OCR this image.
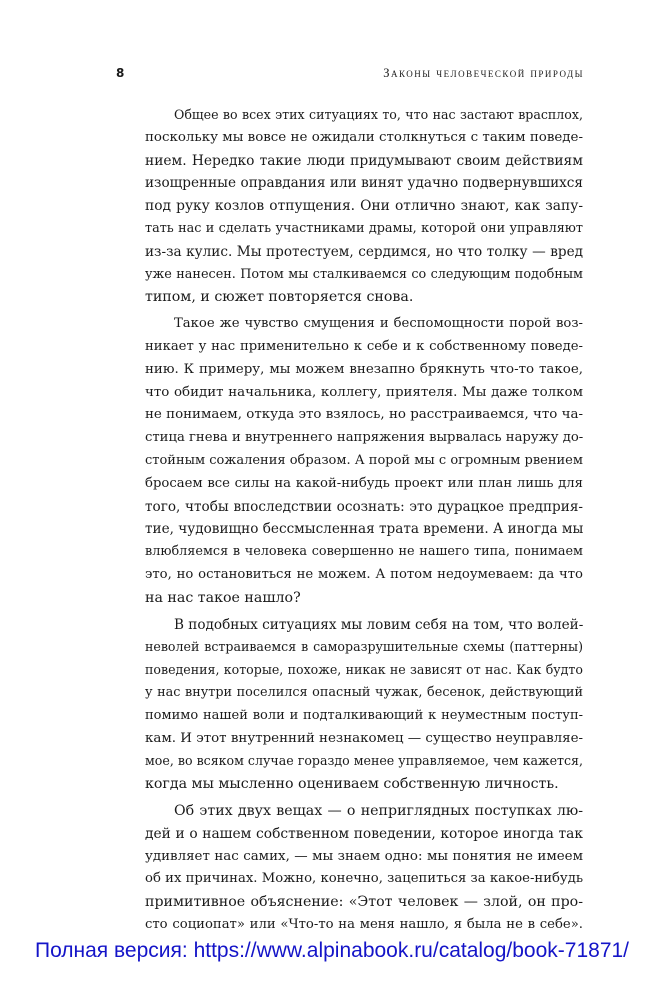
8	Законы человеческой природы

Общее во всех этих ситуациях то, что нас застают врасплох,
поскольку мы вовсе не ожидали столкнуться с таким поведе-
нием. Нередко такие люди придумывают своим действиям
изощренные оправдания или винят удачно подвернувшихся
под руку козлов отпущения. Они отлично знают, как запу-
тать нас и сделать участниками драмы, которой они управляют
из-за кулис. Мы протестуем, сердимся, но что толку — вред
уже нанесен. Потом мы сталкиваемся со следующим подобным
типом, и сюжет повторяется снова.

Такое же чувство смущения и беспомощности порой воз-
никает у нас применительно к себе и к собственному поведе-
нию. К примеру, мы можем внезапно брякнуть что-то такое,
что обидит начальника, коллегу, приятеля. Мы даже толком
не понимаем, откуда это взялось, но расстраиваемся, что ча-
стица гнева и внутреннего напряжения вырвалась наружу до-
стойным сожаления образом. А порой мы с огромным рвением
бросаем все силы на какой-нибудь проект или план лишь для
того, чтобы впоследствии осознать: это дурацкое предприя-
тие, чудовищно бессмысленная трата времени. А иногда мы
влюбляемся в человека совершенно не нашего типа, понимаем
это, но остановиться не можем. А потом недоумеваем: да что
на нас такое нашло?

В подобных ситуациях мы ловим себя на том, что волей-
неволей встраиваемся в саморазрушительные схемы (паттерны)
поведения, которые, похоже, никак не зависят от нас. Как будто
у нас внутри поселился опасный чужак, бесенок, действующий
помимо нашей воли и подталкивающий к неуместным поступ-
кам. И этот внутренний незнакомец — существо неуправляе-
мое, во всяком случае гораздо менее управляемое, чем кажется,
когда мы мысленно оцениваем собственную личность.

Об этих двух вещах — о неприглядных поступках лю-
дей и о нашем собственном поведении, которое иногда так
удивляет нас самих, — мы знаем одно: мы понятия не имеем
об их причинах. Можно, конечно, зацепиться за какое-нибудь
примитивное объяснение: «Этот человек — злой, он про-
сто социопат» или «Что-то на меня нашло, я была не в себе».

Полная версия: https://www.alpinabook.ru/catalog/book-71871/
